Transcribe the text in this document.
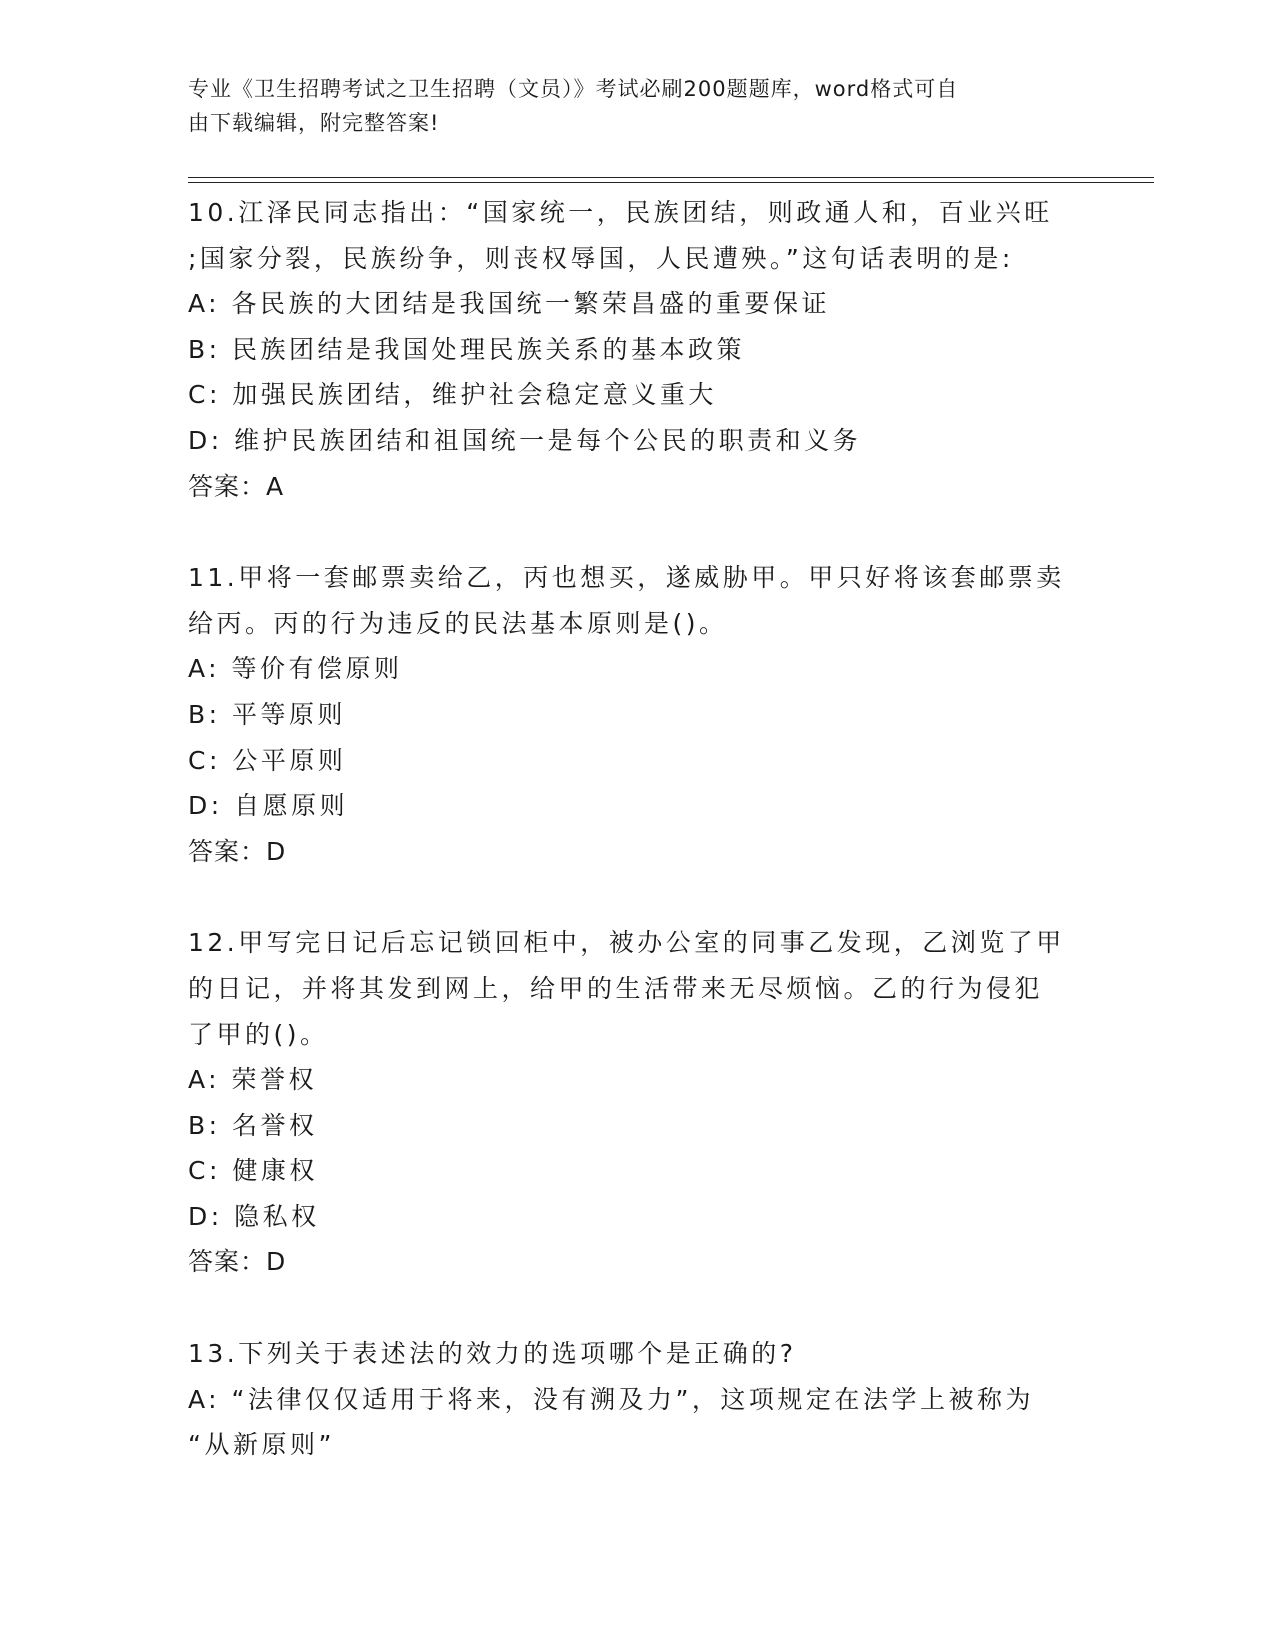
专业《卫生招聘考试之卫生招聘（文员）》考试必刷200题题库，word格式可自
由下载编辑，附完整答案!
10.江泽民同志指出：“国家统一，民族团结，则政通人和，百业兴旺
;国家分裂，民族纷争，则丧权辱国，人民遭殃。”这句话表明的是:
A: 各民族的大团结是我国统一繁荣昌盛的重要保证
B: 民族团结是我国处理民族关系的基本政策
C: 加强民族团结，维护社会稳定意义重大
D: 维护民族团结和祖国统一是每个公民的职责和义务
答案：A
11.甲将一套邮票卖给乙，丙也想买，遂威胁甲。甲只好将该套邮票卖
给丙。丙的行为违反的民法基本原则是()。
A: 等价有偿原则
B: 平等原则
C: 公平原则
D: 自愿原则
答案：D
12.甲写完日记后忘记锁回柜中，被办公室的同事乙发现，乙浏览了甲
的日记，并将其发到网上，给甲的生活带来无尽烦恼。乙的行为侵犯
了甲的()。
A: 荣誉权
B: 名誉权
C: 健康权
D: 隐私权
答案：D
13.下列关于表述法的效力的选项哪个是正确的?
A: “法律仅仅适用于将来，没有溯及力”，这项规定在法学上被称为
“从新原则”
